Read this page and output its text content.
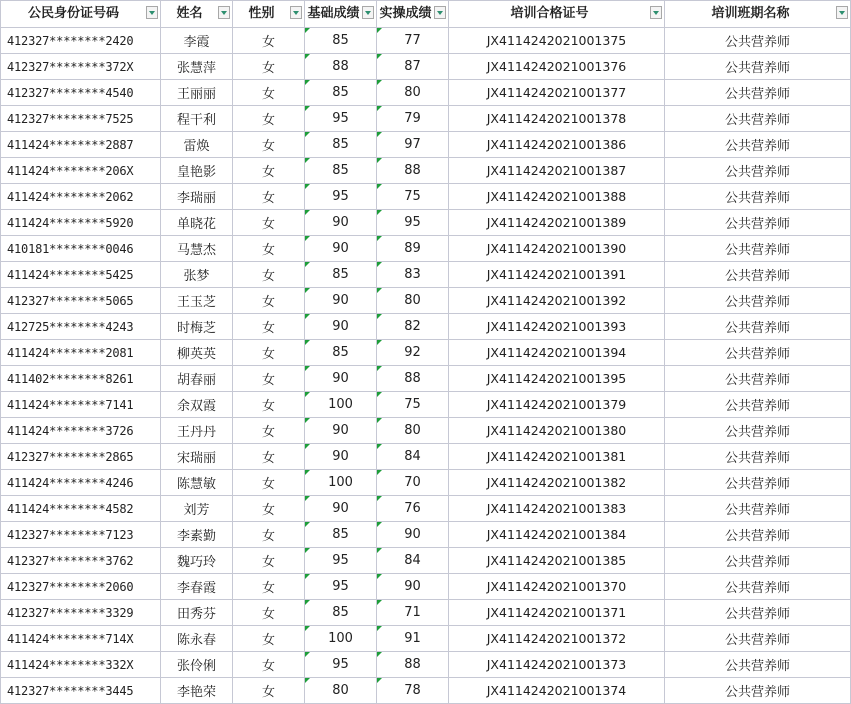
公民身份证号码	姓名	性别	基础成绩	实操成绩	培训合格证号	培训班期名称

412327********2420	李霞	女	85	77	JX4114242021001375	公共营养师
412327********372X	张慧萍	女	88	87	JX4114242021001376	公共营养师
412327********4540	王丽丽	女	85	80	JX4114242021001377	公共营养师
412327********7525	程干利	女	95	79	JX4114242021001378	公共营养师
411424********2887	雷焕	女	85	97	JX4114242021001386	公共营养师
411424********206X	皇艳影	女	85	88	JX4114242021001387	公共营养师
411424********2062	李瑞丽	女	95	75	JX4114242021001388	公共营养师
411424********5920	单晓花	女	90	95	JX4114242021001389	公共营养师
410181********0046	马慧杰	女	90	89	JX4114242021001390	公共营养师
411424********5425	张梦	女	85	83	JX4114242021001391	公共营养师
412327********5065	王玉芝	女	90	80	JX4114242021001392	公共营养师
412725********4243	时梅芝	女	90	82	JX4114242021001393	公共营养师
411424********2081	柳英英	女	85	92	JX4114242021001394	公共营养师
411402********8261	胡春丽	女	90	88	JX4114242021001395	公共营养师
411424********7141	余双霞	女	100	75	JX4114242021001379	公共营养师
411424********3726	王丹丹	女	90	80	JX4114242021001380	公共营养师
412327********2865	宋瑞丽	女	90	84	JX4114242021001381	公共营养师
411424********4246	陈慧敏	女	100	70	JX4114242021001382	公共营养师
411424********4582	刘芳	女	90	76	JX4114242021001383	公共营养师
412327********7123	李素勤	女	85	90	JX4114242021001384	公共营养师
412327********3762	魏巧玲	女	95	84	JX4114242021001385	公共营养师
412327********2060	李春霞	女	95	90	JX4114242021001370	公共营养师
412327********3329	田秀芬	女	85	71	JX4114242021001371	公共营养师
411424********714X	陈永春	女	100	91	JX4114242021001372	公共营养师
411424********332X	张伶俐	女	95	88	JX4114242021001373	公共营养师
412327********3445	李艳荣	女	80	78	JX4114242021001374	公共营养师
